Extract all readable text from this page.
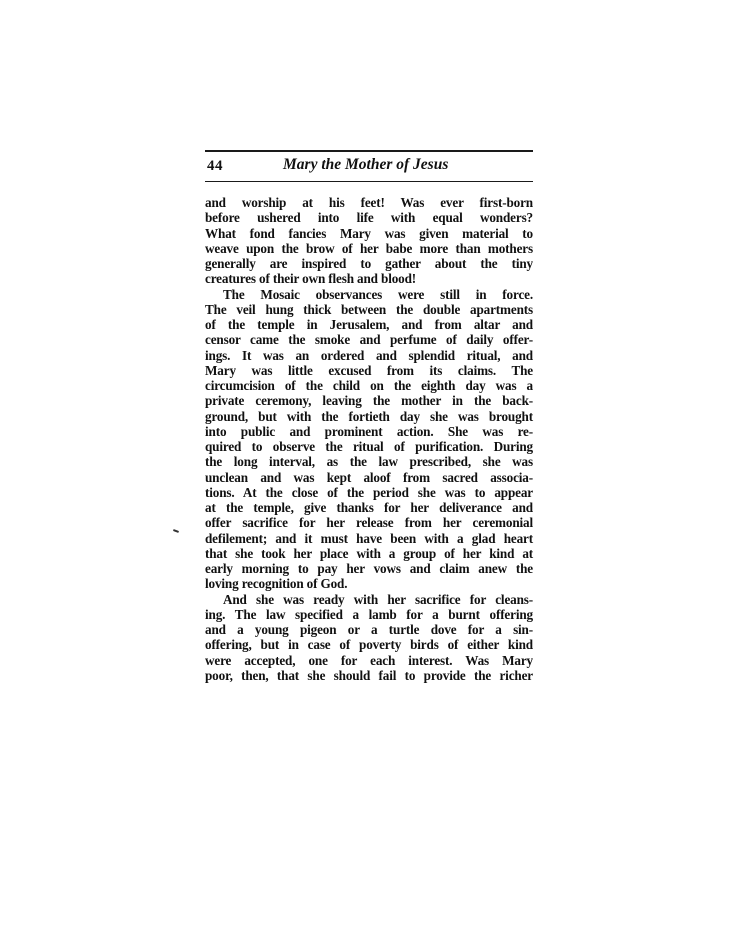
44	Mary the Mother of Jesus
and worship at his feet! Was ever first-born
before ushered into life with equal wonders?
What fond fancies Mary was given material to
weave upon the brow of her babe more than mothers
generally are inspired to gather about the tiny
creatures of their own flesh and blood!
The Mosaic observances were still in force.
The veil hung thick between the double apartments
of the temple in Jerusalem, and from altar and
censor came the smoke and perfume of daily offer-
ings. It was an ordered and splendid ritual, and
Mary was little excused from its claims. The
circumcision of the child on the eighth day was a
private ceremony, leaving the mother in the back-
ground, but with the fortieth day she was brought
into public and prominent action. She was re-
quired to observe the ritual of purification. During
the long interval, as the law prescribed, she was
unclean and was kept aloof from sacred associa-
tions. At the close of the period she was to appear
at the temple, give thanks for her deliverance and
offer sacrifice for her release from her ceremonial
defilement; and it must have been with a glad heart
that she took her place with a group of her kind at
early morning to pay her vows and claim anew the
loving recognition of God.
And she was ready with her sacrifice for cleans-
ing. The law specified a lamb for a burnt offering
and a young pigeon or a turtle dove for a sin-
offering, but in case of poverty birds of either kind
were accepted, one for each interest. Was Mary
poor, then, that she should fail to provide the richer
